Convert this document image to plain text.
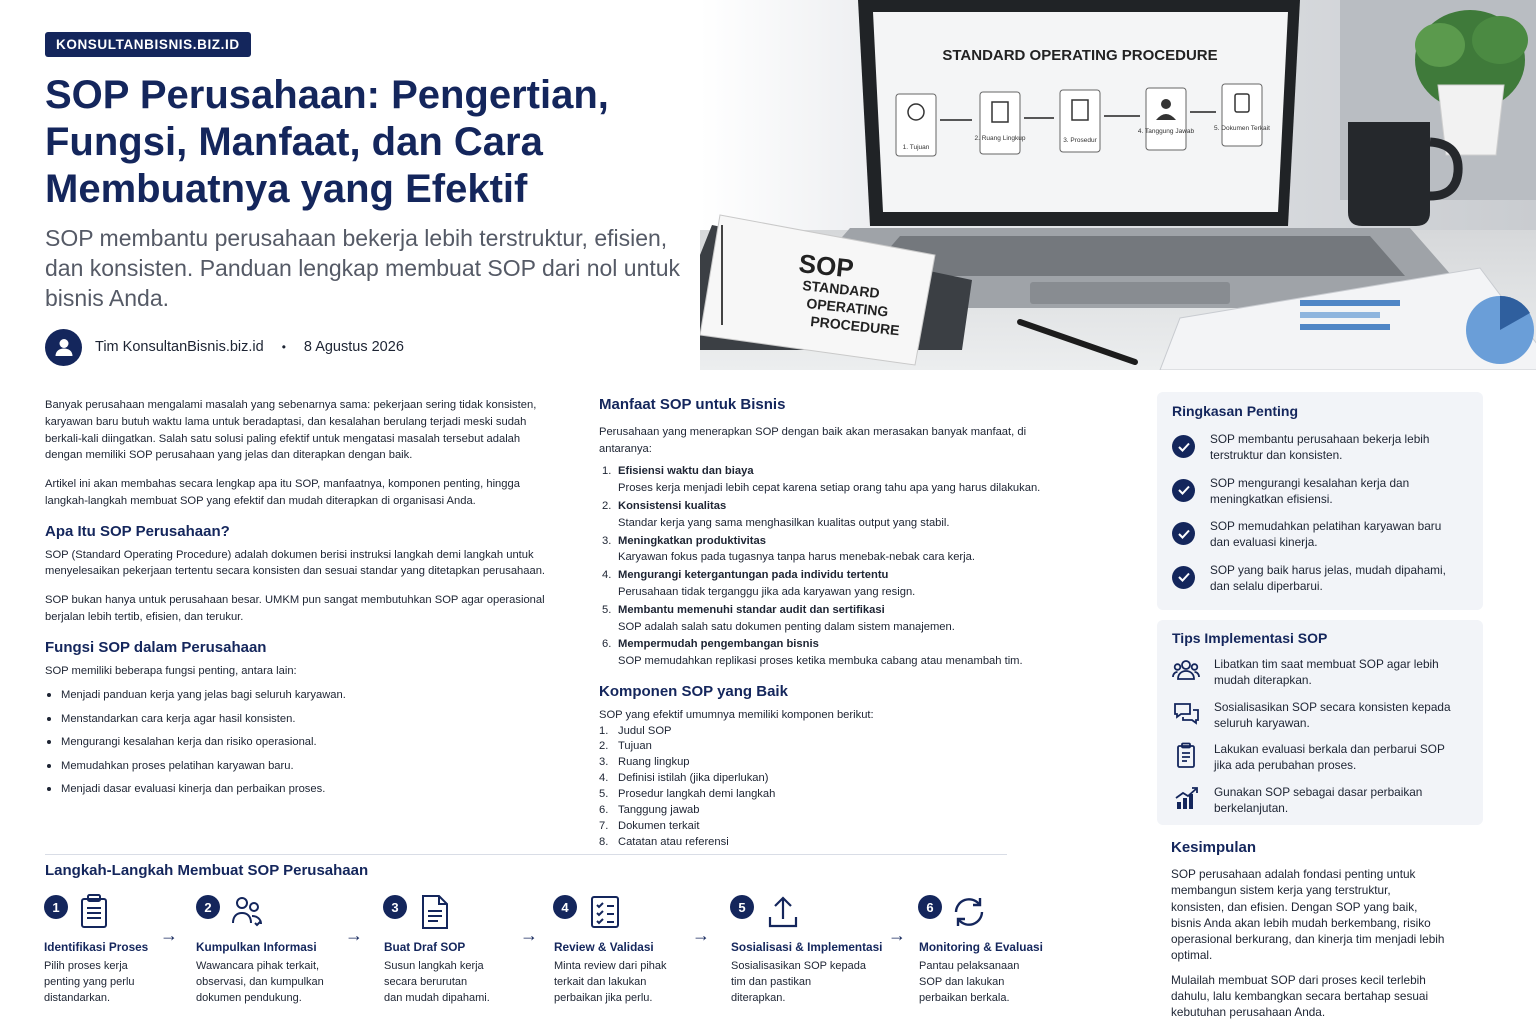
KONSULTANBISNIS.BIZ.ID
SOP Perusahaan: Pengertian, Fungsi, Manfaat, dan Cara Membuatnya yang Efektif
SOP membantu perusahaan bekerja lebih terstruktur, efisien, dan konsisten. Panduan lengkap membuat SOP dari nol untuk bisnis Anda.
Tim KonsultanBisnis.biz.id • 8 Agustus 2026
STANDARD OPERATING PROCEDURE
1. Tujuan
2. Ruang Lingkup	3. Prosedur
4. Tanggung Jawab	5. Dokumen Terkait
SOP
STANDARD
OPERATING
PROCEDURE

Banyak perusahaan mengalami masalah yang sebenarnya sama: pekerjaan sering tidak konsisten, karyawan baru butuh waktu lama untuk beradaptasi, dan kesalahan berulang terjadi meski sudah berkali-kali diingatkan. Salah satu solusi paling efektif untuk mengatasi masalah tersebut adalah dengan memiliki SOP perusahaan yang jelas dan diterapkan dengan baik.

Artikel ini akan membahas secara lengkap apa itu SOP, manfaatnya, komponen penting, hingga langkah-langkah membuat SOP yang efektif dan mudah diterapkan di organisasi Anda.

Apa Itu SOP Perusahaan?

SOP (Standard Operating Procedure) adalah dokumen berisi instruksi langkah demi langkah untuk menyelesaikan pekerjaan tertentu secara konsisten dan sesuai standar yang ditetapkan perusahaan.

SOP bukan hanya untuk perusahaan besar. UMKM pun sangat membutuhkan SOP agar operasional berjalan lebih tertib, efisien, dan terukur.

Fungsi SOP dalam Perusahaan
SOP memiliki beberapa fungsi penting, antara lain:
Menjadi panduan kerja yang jelas bagi seluruh karyawan.
Menstandarkan cara kerja agar hasil konsisten.
Mengurangi kesalahan kerja dan risiko operasional.
Memudahkan proses pelatihan karyawan baru.
Menjadi dasar evaluasi kinerja dan perbaikan proses.
Manfaat SOP untuk Bisnis
Perusahaan yang menerapkan SOP dengan baik akan merasakan banyak manfaat, di antaranya:
1. Efisiensi waktu dan biaya
Proses kerja menjadi lebih cepat karena setiap orang tahu apa yang harus dilakukan.
2. Konsistensi kualitas
Standar kerja yang sama menghasilkan kualitas output yang stabil.
3. Meningkatkan produktivitas
Karyawan fokus pada tugasnya tanpa harus menebak-nebak cara kerja.
4. Mengurangi ketergantungan pada individu tertentu
Perusahaan tidak terganggu jika ada karyawan yang resign.
5. Membantu memenuhi standar audit dan sertifikasi
SOP adalah salah satu dokumen penting dalam sistem manajemen.
6. Mempermudah pengembangan bisnis
SOP memudahkan replikasi proses ketika membuka cabang atau menambah tim.
Komponen SOP yang Baik
SOP yang efektif umumnya memiliki komponen berikut:
1. Judul SOP
2. Tujuan
3. Ruang lingkup
4. Definisi istilah (jika diperlukan)
5. Prosedur langkah demi langkah
6. Tanggung jawab
7. Dokumen terkait
8. Catatan atau referensi
Ringkasan Penting
SOP membantu perusahaan bekerja lebih terstruktur dan konsisten.
SOP mengurangi kesalahan kerja dan meningkatkan efisiensi.
SOP memudahkan pelatihan karyawan baru dan evaluasi kinerja.
SOP yang baik harus jelas, mudah dipahami, dan selalu diperbarui.
Tips Implementasi SOP
Libatkan tim saat membuat SOP agar lebih mudah diterapkan.
Sosialisasikan SOP secara konsisten kepada seluruh karyawan.
Lakukan evaluasi berkala dan perbarui SOP jika ada perubahan proses.
Gunakan SOP sebagai dasar perbaikan berkelanjutan.
Kesimpulan

SOP perusahaan adalah fondasi penting untuk membangun sistem kerja yang terstruktur, konsisten, dan efisien. Dengan SOP yang baik, bisnis Anda akan lebih mudah berkembang, risiko operasional berkurang, dan kinerja tim menjadi lebih optimal.

Mulailah membuat SOP dari proses kecil terlebih dahulu, lalu kembangkan secara bertahap sesuai kebutuhan perusahaan Anda.

Langkah-Langkah Membuat SOP Perusahaan
1
Identifikasi Proses
Pilih proses kerja
penting yang perlu
distandarkan.
→
2
Kumpulkan Informasi
Wawancara pihak terkait,
observasi, dan kumpulkan
dokumen pendukung.
→
3
Buat Draf SOP
Susun langkah kerja
secara berurutan
dan mudah dipahami.
→
4
Review & Validasi
Minta review dari pihak
terkait dan lakukan
perbaikan jika perlu.
→
5
Sosialisasi & Implementasi
Sosialisasikan SOP kepada
tim dan pastikan
diterapkan.
→
6
Monitoring & Evaluasi
Pantau pelaksanaan
SOP dan lakukan
perbaikan berkala.
